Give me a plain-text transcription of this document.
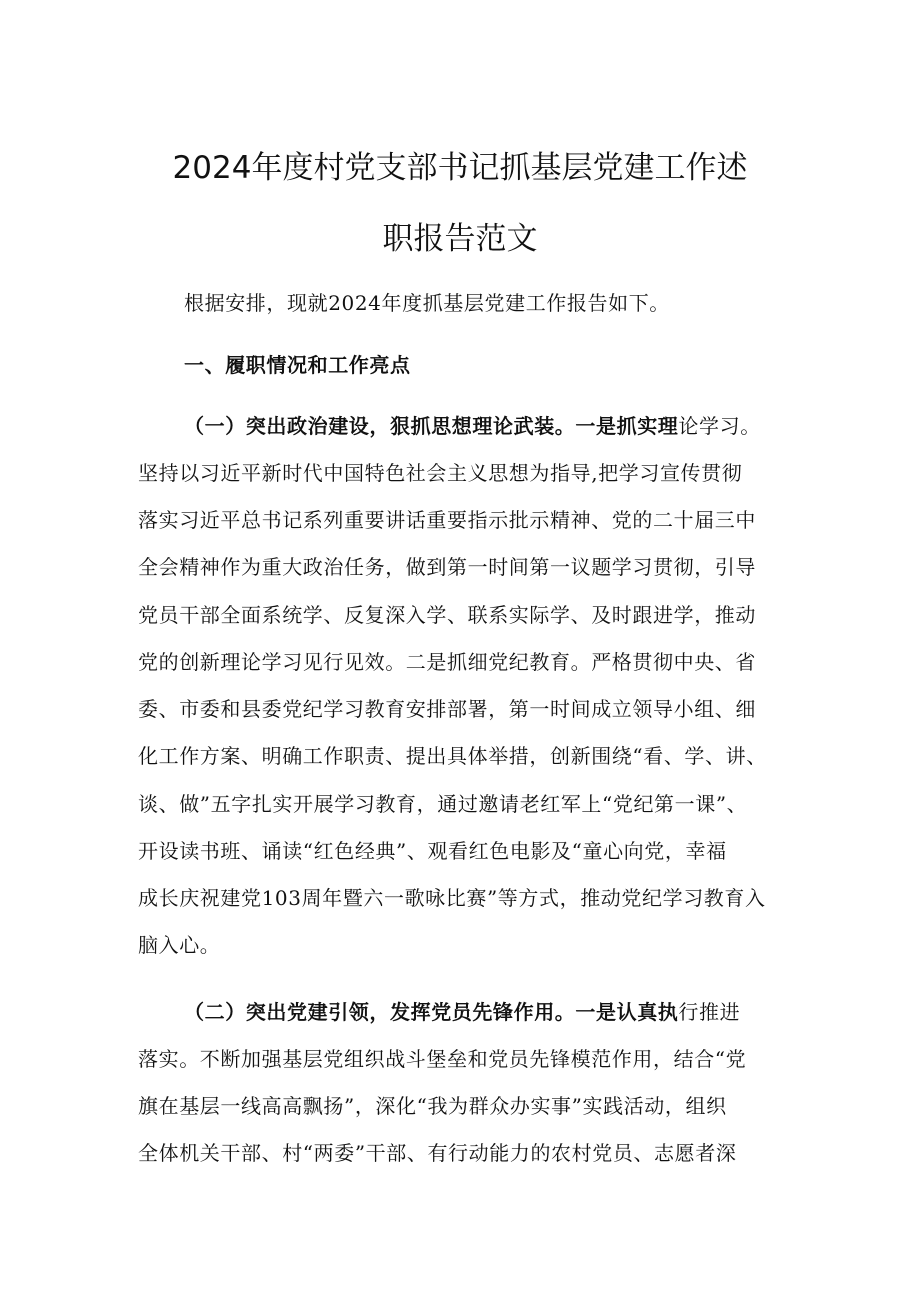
2024年度村党支部书记抓基层党建工作述
职报告范文
根据安排，现就2024年度抓基层党建工作报告如下。
一、履职情况和工作亮点
（一）突出政治建设，狠抓思想理论武装。一是抓实理论学习。
坚持以习近平新时代中国特色社会主义思想为指导,把学习宣传贯彻
落实习近平总书记系列重要讲话重要指示批示精神、党的二十届三中
全会精神作为重大政治任务，做到第一时间第一议题学习贯彻，引导
党员干部全面系统学、反复深入学、联系实际学、及时跟进学，推动
党的创新理论学习见行见效。二是抓细党纪教育。严格贯彻中央、省
委、市委和县委党纪学习教育安排部署，第一时间成立领导小组、细
化工作方案、明确工作职责、提出具体举措，创新围绕“看、学、讲、
谈、做”五字扎实开展学习教育，通过邀请老红军上“党纪第一课”、
开设读书班、诵读“红色经典”、观看红色电影及“童心向党，幸福
成长庆祝建党103周年暨六一歌咏比赛”等方式，推动党纪学习教育入
脑入心。
（二）突出党建引领，发挥党员先锋作用。一是认真执行推进
落实。不断加强基层党组织战斗堡垒和党员先锋模范作用，结合“党
旗在基层一线高高飘扬”，深化“我为群众办实事”实践活动，组织
全体机关干部、村“两委”干部、有行动能力的农村党员、志愿者深
